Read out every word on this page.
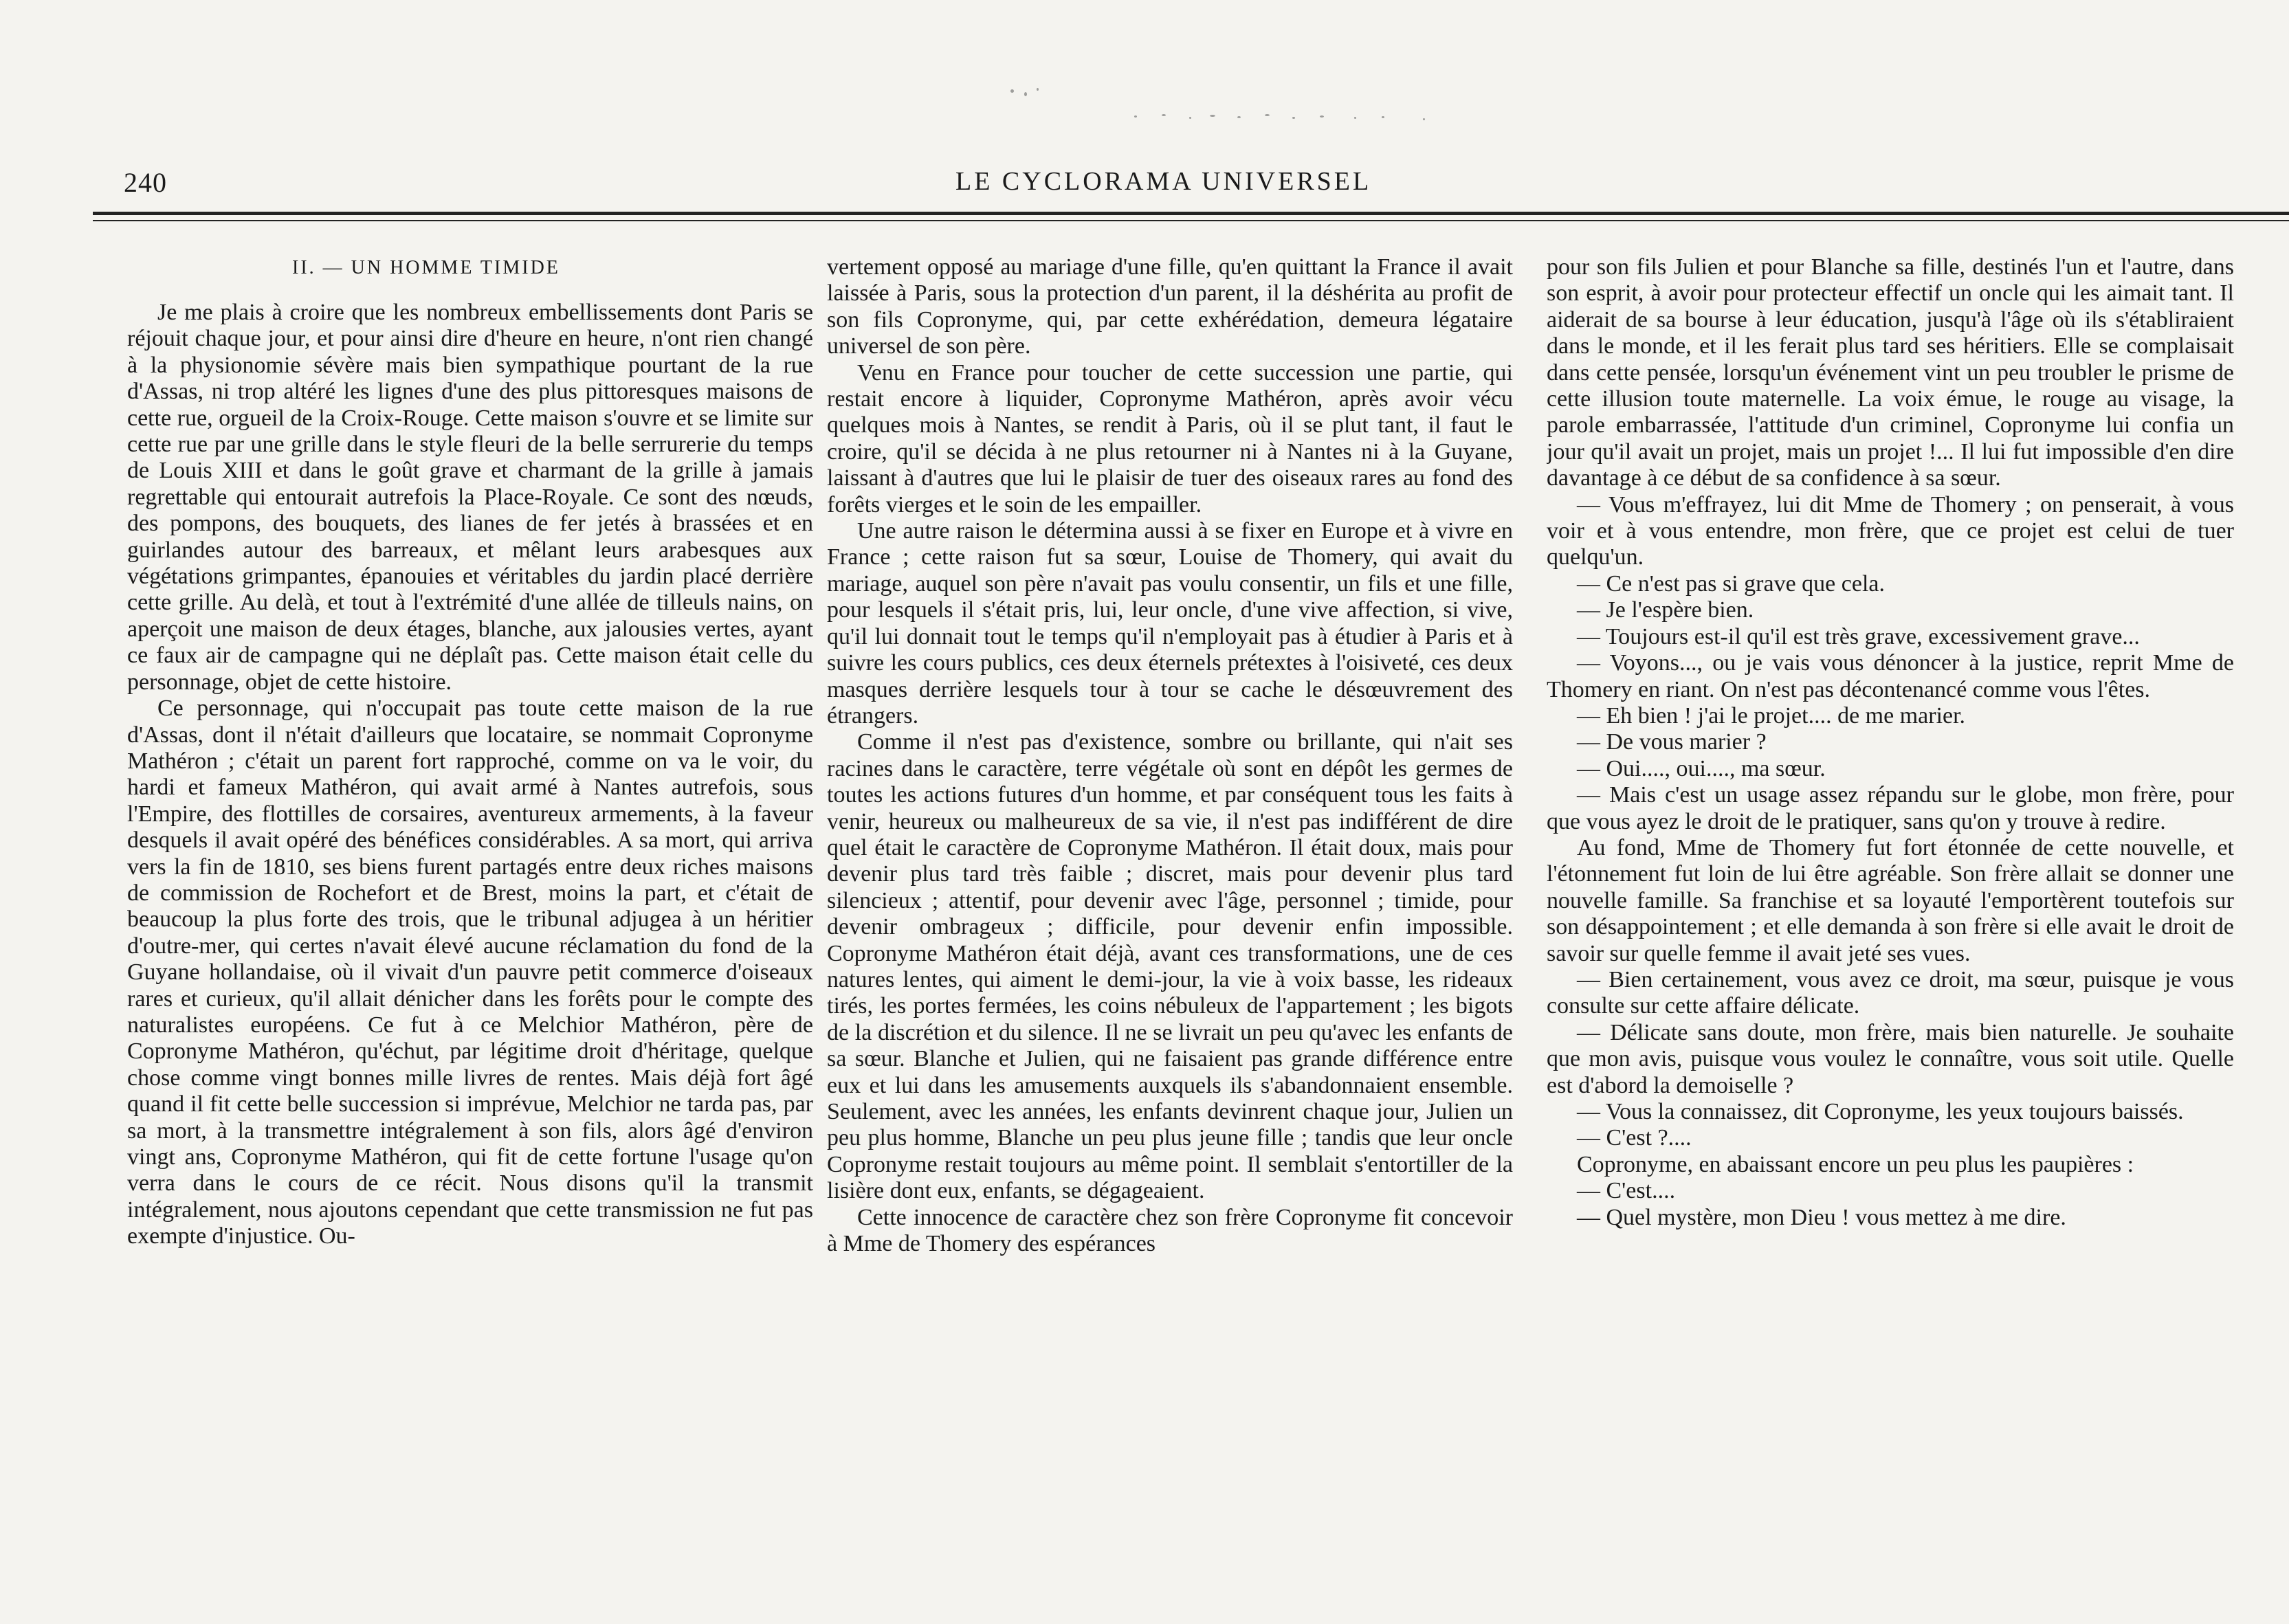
240	LE CYCLORAMA UNIVERSEL
II. — UN HOMME TIMIDE

Je me plais à croire que les nombreux embellissements dont Paris se réjouit chaque jour, et pour ainsi dire d'heure en heure, n'ont rien changé à la physionomie sévère mais bien sympathique pourtant de la rue d'Assas, ni trop altéré les lignes d'une des plus pittoresques maisons de cette rue, orgueil de la Croix-Rouge. Cette maison s'ouvre et se limite sur cette rue par une grille dans le style fleuri de la belle serrurerie du temps de Louis XIII et dans le goût grave et charmant de la grille à jamais regrettable qui entourait autrefois la Place-Royale. Ce sont des nœuds, des pompons, des bouquets, des lianes de fer jetés à brassées et en guirlandes autour des barreaux, et mêlant leurs arabesques aux végétations grimpantes, épanouies et véritables du jardin placé derrière cette grille. Au delà, et tout à l'extrémité d'une allée de tilleuls nains, on aperçoit une maison de deux étages, blanche, aux jalousies vertes, ayant ce faux air de campagne qui ne déplaît pas. Cette maison était celle du personnage, objet de cette histoire.

Ce personnage, qui n'occupait pas toute cette maison de la rue d'Assas, dont il n'était d'ailleurs que locataire, se nommait Copronyme Mathéron ; c'était un parent fort rapproché, comme on va le voir, du hardi et fameux Mathéron, qui avait armé à Nantes autrefois, sous l'Empire, des flottilles de corsaires, aventureux armements, à la faveur desquels il avait opéré des bénéfices considérables. A sa mort, qui arriva vers la fin de 1810, ses biens furent partagés entre deux riches maisons de commission de Rochefort et de Brest, moins la part, et c'était de beaucoup la plus forte des trois, que le tribunal adjugea à un héritier d'outre-mer, qui certes n'avait élevé aucune réclamation du fond de la Guyane hollandaise, où il vivait d'un pauvre petit commerce d'oiseaux rares et curieux, qu'il allait dénicher dans les forêts pour le compte des naturalistes européens. Ce fut à ce Melchior Mathéron, père de Copronyme Mathéron, qu'échut, par légitime droit d'héritage, quelque chose comme vingt bonnes mille livres de rentes. Mais déjà fort âgé quand il fit cette belle succession si imprévue, Melchior ne tarda pas, par sa mort, à la transmettre intégralement à son fils, alors âgé d'environ vingt ans, Copronyme Mathéron, qui fit de cette fortune l'usage qu'on verra dans le cours de ce récit. Nous disons qu'il la transmit intégralement, nous ajoutons cependant que cette transmission ne fut pas exempte d'injustice. Ou-

vertement opposé au mariage d'une fille, qu'en quittant la France il avait laissée à Paris, sous la protection d'un parent, il la déshérita au profit de son fils Copronyme, qui, par cette exhérédation, demeura légataire universel de son père.

Venu en France pour toucher de cette succession une partie, qui restait encore à liquider, Copronyme Mathéron, après avoir vécu quelques mois à Nantes, se rendit à Paris, où il se plut tant, il faut le croire, qu'il se décida à ne plus retourner ni à Nantes ni à la Guyane, laissant à d'autres que lui le plaisir de tuer des oiseaux rares au fond des forêts vierges et le soin de les empailler.

Une autre raison le détermina aussi à se fixer en Europe et à vivre en France ; cette raison fut sa sœur, Louise de Thomery, qui avait du mariage, auquel son père n'avait pas voulu consentir, un fils et une fille, pour lesquels il s'était pris, lui, leur oncle, d'une vive affection, si vive, qu'il lui donnait tout le temps qu'il n'employait pas à étudier à Paris et à suivre les cours publics, ces deux éternels prétextes à l'oisiveté, ces deux masques derrière lesquels tour à tour se cache le désœuvrement des étrangers.

Comme il n'est pas d'existence, sombre ou brillante, qui n'ait ses racines dans le caractère, terre végétale où sont en dépôt les germes de toutes les actions futures d'un homme, et par conséquent tous les faits à venir, heureux ou malheureux de sa vie, il n'est pas indifférent de dire quel était le caractère de Copronyme Mathéron. Il était doux, mais pour devenir plus tard très faible ; discret, mais pour devenir plus tard silencieux ; attentif, pour devenir avec l'âge, personnel ; timide, pour devenir ombrageux ; difficile, pour devenir enfin impossible. Copronyme Mathéron était déjà, avant ces transformations, une de ces natures lentes, qui aiment le demi-jour, la vie à voix basse, les rideaux tirés, les portes fermées, les coins nébuleux de l'appartement ; les bigots de la discrétion et du silence. Il ne se livrait un peu qu'avec les enfants de sa sœur. Blanche et Julien, qui ne faisaient pas grande différence entre eux et lui dans les amusements auxquels ils s'abandonnaient ensemble. Seulement, avec les années, les enfants devinrent chaque jour, Julien un peu plus homme, Blanche un peu plus jeune fille ; tandis que leur oncle Copronyme restait toujours au même point. Il semblait s'entortiller de la lisière dont eux, enfants, se dégageaient.

Cette innocence de caractère chez son frère Copronyme fit concevoir à Mme de Thomery des espérances

pour son fils Julien et pour Blanche sa fille, destinés l'un et l'autre, dans son esprit, à avoir pour protecteur effectif un oncle qui les aimait tant. Il aiderait de sa bourse à leur éducation, jusqu'à l'âge où ils s'établiraient dans le monde, et il les ferait plus tard ses héritiers. Elle se complaisait dans cette pensée, lorsqu'un événement vint un peu troubler le prisme de cette illusion toute maternelle. La voix émue, le rouge au visage, la parole embarrassée, l'attitude d'un criminel, Copronyme lui confia un jour qu'il avait un projet, mais un projet !... Il lui fut impossible d'en dire davantage à ce début de sa confidence à sa sœur.

— Vous m'effrayez, lui dit Mme de Thomery ; on penserait, à vous voir et à vous entendre, mon frère, que ce projet est celui de tuer quelqu'un.

— Ce n'est pas si grave que cela.

— Je l'espère bien.

— Toujours est-il qu'il est très grave, excessivement grave...

— Voyons..., ou je vais vous dénoncer à la justice, reprit Mme de Thomery en riant. On n'est pas décontenancé comme vous l'êtes.

— Eh bien ! j'ai le projet.... de me marier.

— De vous marier ?

— Oui...., oui...., ma sœur.

— Mais c'est un usage assez répandu sur le globe, mon frère, pour que vous ayez le droit de le pratiquer, sans qu'on y trouve à redire.

Au fond, Mme de Thomery fut fort étonnée de cette nouvelle, et l'étonnement fut loin de lui être agréable. Son frère allait se donner une nouvelle famille. Sa franchise et sa loyauté l'emportèrent toutefois sur son désappointement ; et elle demanda à son frère si elle avait le droit de savoir sur quelle femme il avait jeté ses vues.

— Bien certainement, vous avez ce droit, ma sœur, puisque je vous consulte sur cette affaire délicate.

— Délicate sans doute, mon frère, mais bien naturelle. Je souhaite que mon avis, puisque vous voulez le connaître, vous soit utile. Quelle est d'abord la demoiselle ?

— Vous la connaissez, dit Copronyme, les yeux toujours baissés.

— C'est ?....

Copronyme, en abaissant encore un peu plus les paupières :

— C'est....

— Quel mystère, mon Dieu ! vous mettez à me dire.
